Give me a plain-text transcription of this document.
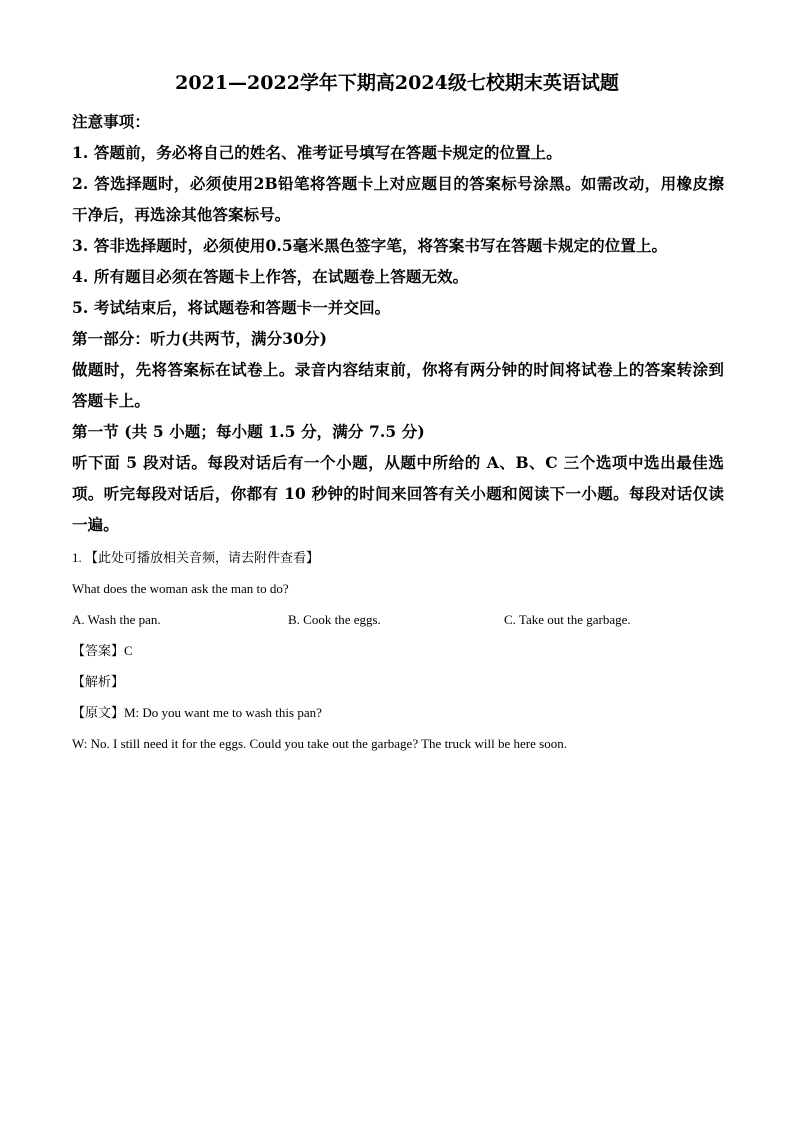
2021—2022学年下期高2024级七校期末英语试题

注意事项：

1. 答题前，务必将自己的姓名、准考证号填写在答题卡规定的位置上。

2. 答选择题时，必须使用2B铅笔将答题卡上对应题目的答案标号涂黑。如需改动，用橡皮擦干净后，再选涂其他答案标号。

3. 答非选择题时，必须使用0.5毫米黑色签字笔，将答案书写在答题卡规定的位置上。

4. 所有题目必须在答题卡上作答，在试题卷上答题无效。

5. 考试结束后，将试题卷和答题卡一并交回。

第一部分：听力(共两节，满分30分)

做题时，先将答案标在试卷上。录音内容结束前，你将有两分钟的时间将试卷上的答案转涂到答题卡上。

第一节 (共 5 小题；每小题 1.5 分，满分 7.5 分)

听下面 5 段对话。每段对话后有一个小题，从题中所给的 A、B、C 三个选项中选出最佳选项。听完每段对话后，你都有 10 秒钟的时间来回答有关小题和阅读下一小题。每段对话仅读一遍。

1. 【此处可播放相关音频，请去附件查看】

What does the woman ask the man to do?

A. Wash the pan.	B. Cook the eggs.	C. Take out the garbage.

【答案】C

【解析】

【原文】M: Do you want me to wash this pan?

W: No. I still need it for the eggs. Could you take out the garbage? The truck will be here soon.
